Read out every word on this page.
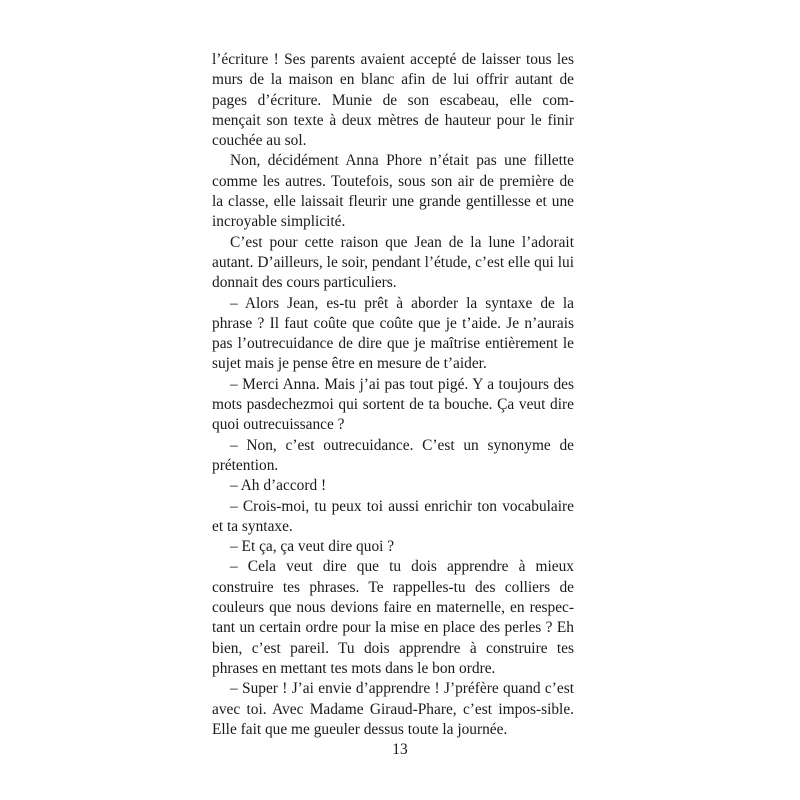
l’écriture ! Ses parents avaient accepté de laisser tous les murs de la maison en blanc afin de lui offrir autant de pages d’écriture. Munie de son escabeau, elle com-mençait son texte à deux mètres de hauteur pour le finir couchée au sol.

Non, décidément Anna Phore n’était pas une fillette comme les autres. Toutefois, sous son air de première de la classe, elle laissait fleurir une grande gentillesse et une incroyable simplicité.

C’est pour cette raison que Jean de la lune l’adorait autant. D’ailleurs, le soir, pendant l’étude, c’est elle qui lui donnait des cours particuliers.

– Alors Jean, es-tu prêt à aborder la syntaxe de la phrase ? Il faut coûte que coûte que je t’aide. Je n’aurais pas l’outrecuidance de dire que je maîtrise entièrement le sujet mais je pense être en mesure de t’aider.

– Merci Anna. Mais j’ai pas tout pigé. Y a toujours des mots pasdechezmoi qui sortent de ta bouche. Ça veut dire quoi outrecuissance ?

– Non, c’est outrecuidance. C’est un synonyme de prétention.

– Ah d’accord !

– Crois-moi, tu peux toi aussi enrichir ton vocabulaire et ta syntaxe.

– Et ça, ça veut dire quoi ?

– Cela veut dire que tu dois apprendre à mieux construire tes phrases. Te rappelles-tu des colliers de couleurs que nous devions faire en maternelle, en respec-tant un certain ordre pour la mise en place des perles ? Eh bien, c’est pareil. Tu dois apprendre à construire tes phrases en mettant tes mots dans le bon ordre.

– Super ! J’ai envie d’apprendre ! J’préfère quand c’est avec toi. Avec Madame Giraud-Phare, c’est impos-sible. Elle fait que me gueuler dessus toute la journée.

13
